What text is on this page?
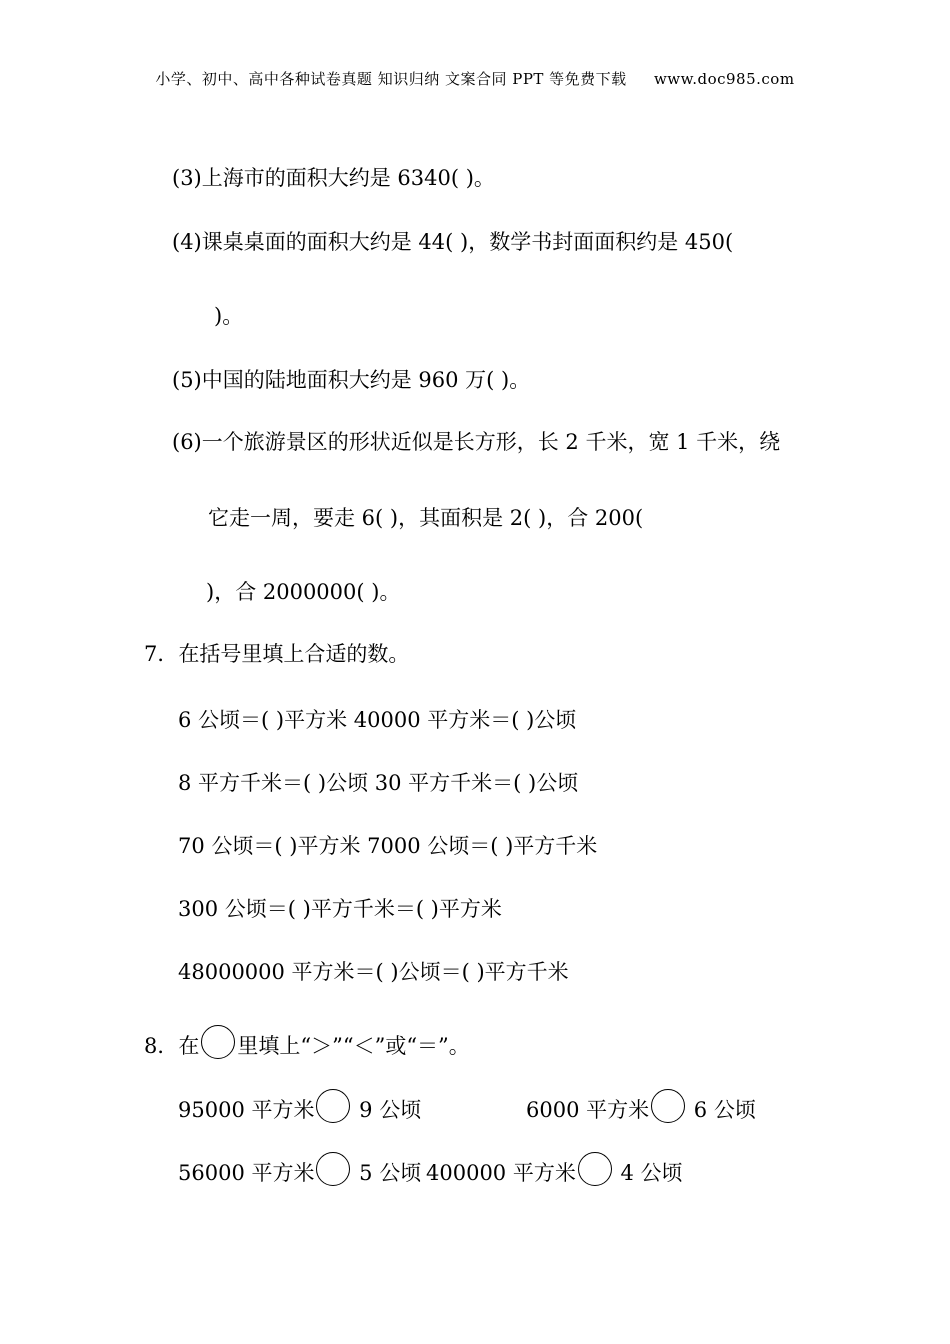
小学、初中、高中各种试卷真题 知识归纳 文案合同 PPT 等免费下载 www.doc985.com
(3)上海市的面积大约是 6340( )。
(4)课桌桌面的面积大约是 44( )，数学书封面面积约是 450(
)。
(5)中国的陆地面积大约是 960 万( )。
(6)一个旅游景区的形状近似是长方形，长 2 千米，宽 1 千米，绕
它走一周，要走 6( )，其面积是 2( )，合 200(
)，合 2000000( )。
7．在括号里填上合适的数。
6 公顷＝( )平方米 40000 平方米＝( )公顷
8 平方千米＝( )公顷 30 平方千米＝( )公顷
70 公顷＝( )平方米 7000 公顷＝( )平方千米
300 公顷＝( )平方千米＝( )平方米
48000000 平方米＝( )公顷＝( )平方千米
8．在 里填上“＞”“＜”或“＝”。
95000 平方米 9 公顷	6000 平方米 6 公顷
56000 平方米 5 公顷 400000 平方米 4 公顷
